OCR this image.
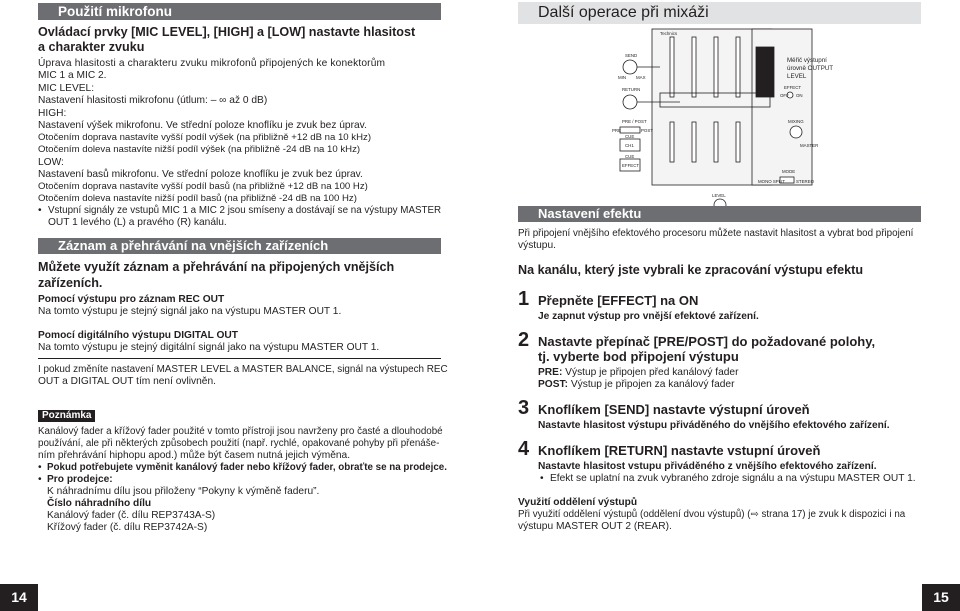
Použití mikrofonu
Ovládací prvky [MIC LEVEL], [HIGH] a [LOW] nastavte hlasitost
a charakter zvuku
Úprava hlasitosti a charakteru zvuku mikrofonů připojených ke konektorům
MIC 1 a MIC 2.
MIC LEVEL:
Nastavení hlasitosti mikrofonu (útlum: – ∞ až 0 dB)
HIGH:
Nastavení výšek mikrofonu. Ve střední poloze knoflíku je zvuk bez úprav.
Otočením doprava nastavíte vyšší podíl výšek (na přibližně +12 dB na 10 kHz)
Otočením doleva nastavíte nižší podíl výšek (na přibližně -24 dB na 10 kHz)
LOW:
Nastavení basů mikrofonu. Ve střední poloze knoflíku je zvuk bez úprav.
Otočením doprava nastavíte vyšší podíl basů (na přibližně +12 dB na 100 Hz)
Otočením doleva nastavíte nižší podíl basů (na přibližně -24 dB na 100 Hz)
• Vstupní signály ze vstupů MIC 1 a MIC 2 jsou smíseny a dostávají se na výstupy MASTER
OUT 1 levého (L) a pravého (R) kanálu.
Záznam a přehrávání na vnějších zařízeních
Můžete využít záznam a přehrávání na připojených vnějších
zařízeních.
Pomocí výstupu pro záznam REC OUT
Na tomto výstupu je stejný signál jako na výstupu MASTER OUT 1.
Pomocí digitálního výstupu DIGITAL OUT
Na tomto výstupu je stejný digitální signál jako na výstupu MASTER OUT 1.
I pokud změníte nastavení MASTER LEVEL a MASTER BALANCE, signál na výstupech REC
OUT a DIGITAL OUT tím není ovlivněn.
Poznámka
Kanálový fader a křížový fader použité v tomto přístroji jsou navrženy pro časté a dlouhodobé
používání, ale při některých způsobech použití (např. rychlé, opakované pohyby při přenáše-
ním přehrávání hiphopu apod.) může být časem nutná jejich výměna.
• Pokud potřebujete vyměnit kanálový fader nebo křížový fader, obraťte se na prodejce.
• Pro prodejce:
K náhradnímu dílu jsou přiloženy “Pokyny k výměně faderu”.
Číslo náhradního dílu
Kanálový fader (č. dílu REP3743A-S)
Křížový fader (č. dílu REP3742A-S)
14
Další operace při mixáži
SEND
RETURN
MIN MAX
PRE / POST
PRE	POST
CUE
CH1
CUE
EFFECT
OFF ON
EFFECT
MIXING
MASTER
LEVEL
MONO SPLIT STEREO
MODE
Technics
Měřič výstupní
úrovně OUTPUT
LEVEL
Nastavení efektu
Při připojení vnějšího efektového procesoru můžete nastavit hlasitost a vybrat bod připojení
výstupu.
Na kanálu, který jste vybrali ke zpracování výstupu efektu
1 Přepněte [EFFECT] na ON
Je zapnut výstup pro vnější efektové zařízení.
2 Nastavte přepínač [PRE/POST] do požadované polohy,
tj. vyberte bod připojení výstupu
PRE: Výstup je připojen před kanálový fader
POST: Výstup je připojen za kanálový fader
3 Knoflíkem [SEND] nastavte výstupní úroveň
Nastavte hlasitost výstupu přiváděného do vnějšího efektového zařízení.
4 Knoflíkem [RETURN] nastavte vstupní úroveň
Nastavte hlasitost vstupu přiváděného z vnějšího efektového zařízení.
• Efekt se uplatní na zvuk vybraného zdroje signálu a na výstupu MASTER OUT 1.
Využití oddělení výstupů
Při využití oddělení výstupů (oddělení dvou výstupů) (⇨ strana 17) je zvuk k dispozici i na
výstupu MASTER OUT 2 (REAR).
15
